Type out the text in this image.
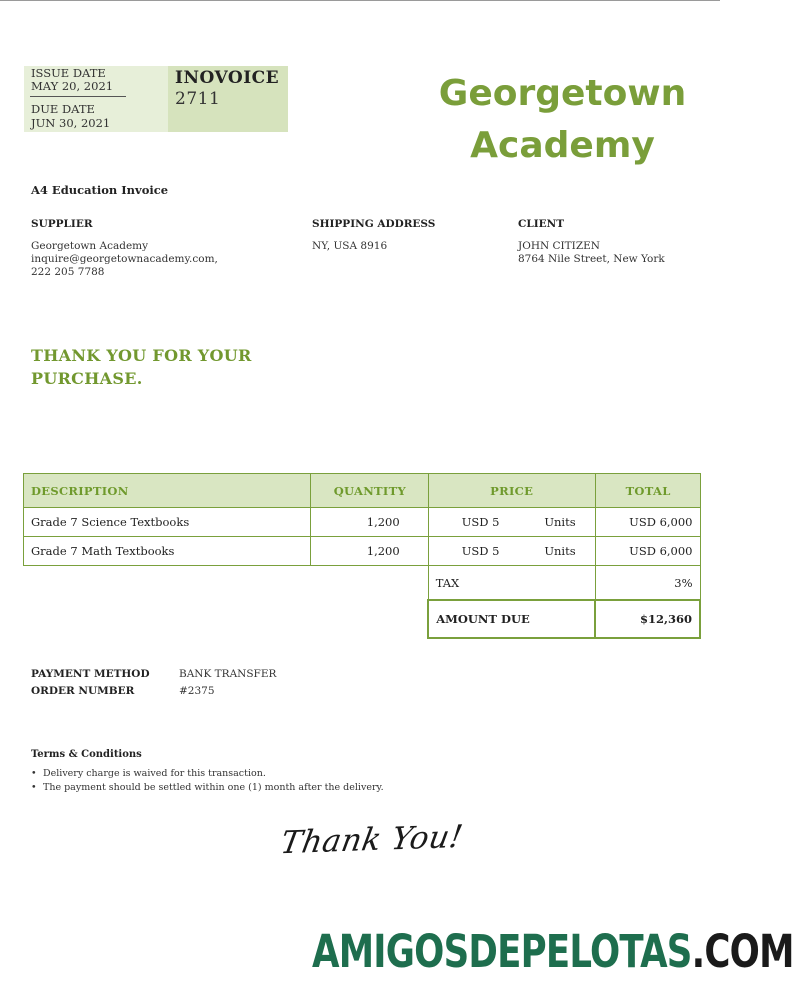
ISSUE DATE
MAY 20, 2021
DUE DATE
JUN 30, 2021
INOVOICE
2711	Georgetown
Academy
A4 Education Invoice
SUPPLIER
Georgetown Academy
inquire@georgetownacademy.com,
222 205 7788
SHIPPING ADDRESS
NY, USA 8916
CLIENT
JOHN CITIZEN
8764 Nile Street, New York
THANK YOU FOR YOUR PURCHASE.
DESCRIPTION	QUANTITY	PRICE	TOTAL
Grade 7 Science Textbooks	1,200	USD 5 Units	USD 6,000
Grade 7 Math Textbooks	1,200	USD 5 Units	USD 6,000
		TAX	3%
		AMOUNT DUE	$12,360
PAYMENT METHOD	BANK TRANSFER
ORDER NUMBER	#2375
Terms & Conditions
• Delivery charge is waived for this transaction.
• The payment should be settled within one (1) month after the delivery.
Thank You!
AMIGOSDEPELOTAS.COM
